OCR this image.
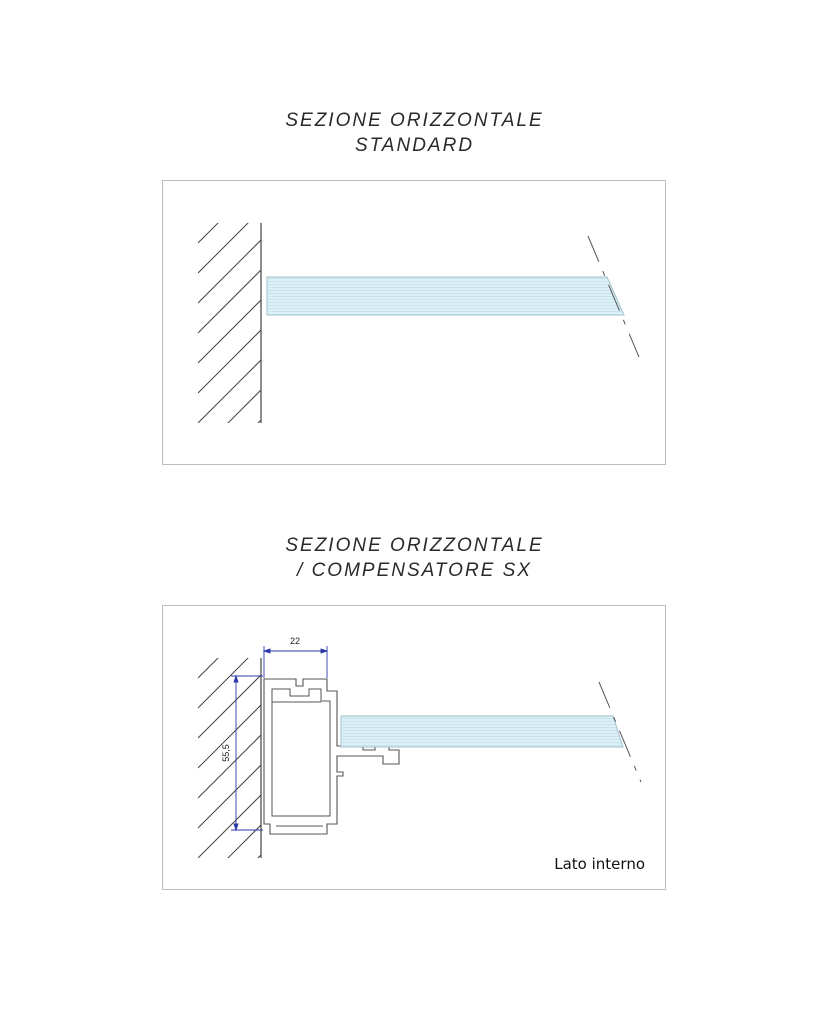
SEZIONE ORIZZONTALE
STANDARD
SEZIONE ORIZZONTALE
/ COMPENSATORE SX
22
55,5
Lato interno
